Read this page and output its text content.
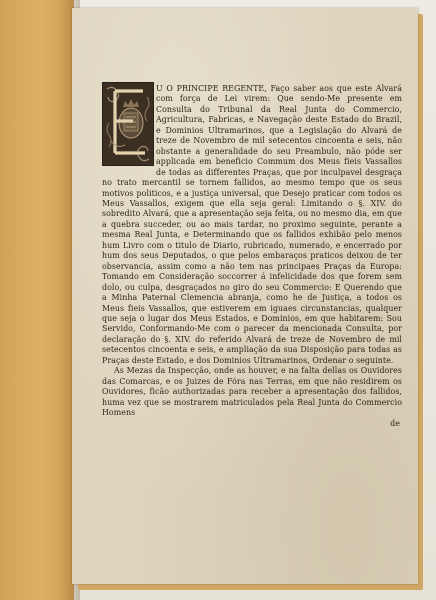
U O PRINCIPE REGENTE, Faço saber aos que este Alvará com força de Lei virem: Que sendo-Me presente em Consulta do Tribunal da Real Junta do Commercio, Agricultura, Fabricas, e Navegação deste Estado do Brazil, e Dominios Ultramarinos, que a Legislação do Alvará de treze de Novembro de mil setecentos cincoenta e seis, não obstante a generalidade do seu Preambulo, não póde ser applicada em beneficio Commum dos Meus fieis Vassallos de todas as differentes Praças, que por inculpavel desgraça no trato mercantil se tornem fallidos, ao mesmo tempo que os seus motivos politicos, e a justiça universal, que Desejo praticar com todos os Meus Vassallos, exigem que ella seja geral: Limitando o §. XIV. do sobredito Alvará, que a apresentação seja feita, ou no mesmo dia, em que a quebra succeder, ou ao mais tardar, no proximo seguinte, perante a mesma Real Junta, e Determinando que os fallidos exhibão pelo menos hum Livro com o titulo de Diario, rubricado, numerado, e encerrado por hum dos seus Deputados, o que pelos embaraços praticos deixou de ter observancia, assim como a não tem nas principaes Praças da Europa: Tomando em Consideração soccorrer á infelicidade dos que forem sem dolo, ou culpa, desgraçados no giro do seu Commercio: E Querendo que a Minha Paternal Clemencia abranja, como he de Justiça, a todos os Meus fieis Vassallos, que estiverem em iguaes circunstancias, qualquer que seja o lugar dos Meus Estados, e Dominios, em que habitarem: Sou Servido, Conformando-Me com o parecer da mencionada Consulta, por declaração do §. XIV. do referido Alvará de treze de Novembro de mil setecentos cincoenta e seis, e ampliação da sua Disposição para todas as Praças deste Estado, e dos Dominios Ultramarinos, Ordenar o seguinte.

As Mezas da Inspecção, onde as houver, e na falta dellas os Ouvidores das Comarcas, e os Juizes de Fóra nas Terras, em que não residirem os Ouvidores, ficão authorizadas para receber a apresentação dos fallidos, huma vez que se mostrarem matriculados pela Real Junta do Commercio Homens

de
